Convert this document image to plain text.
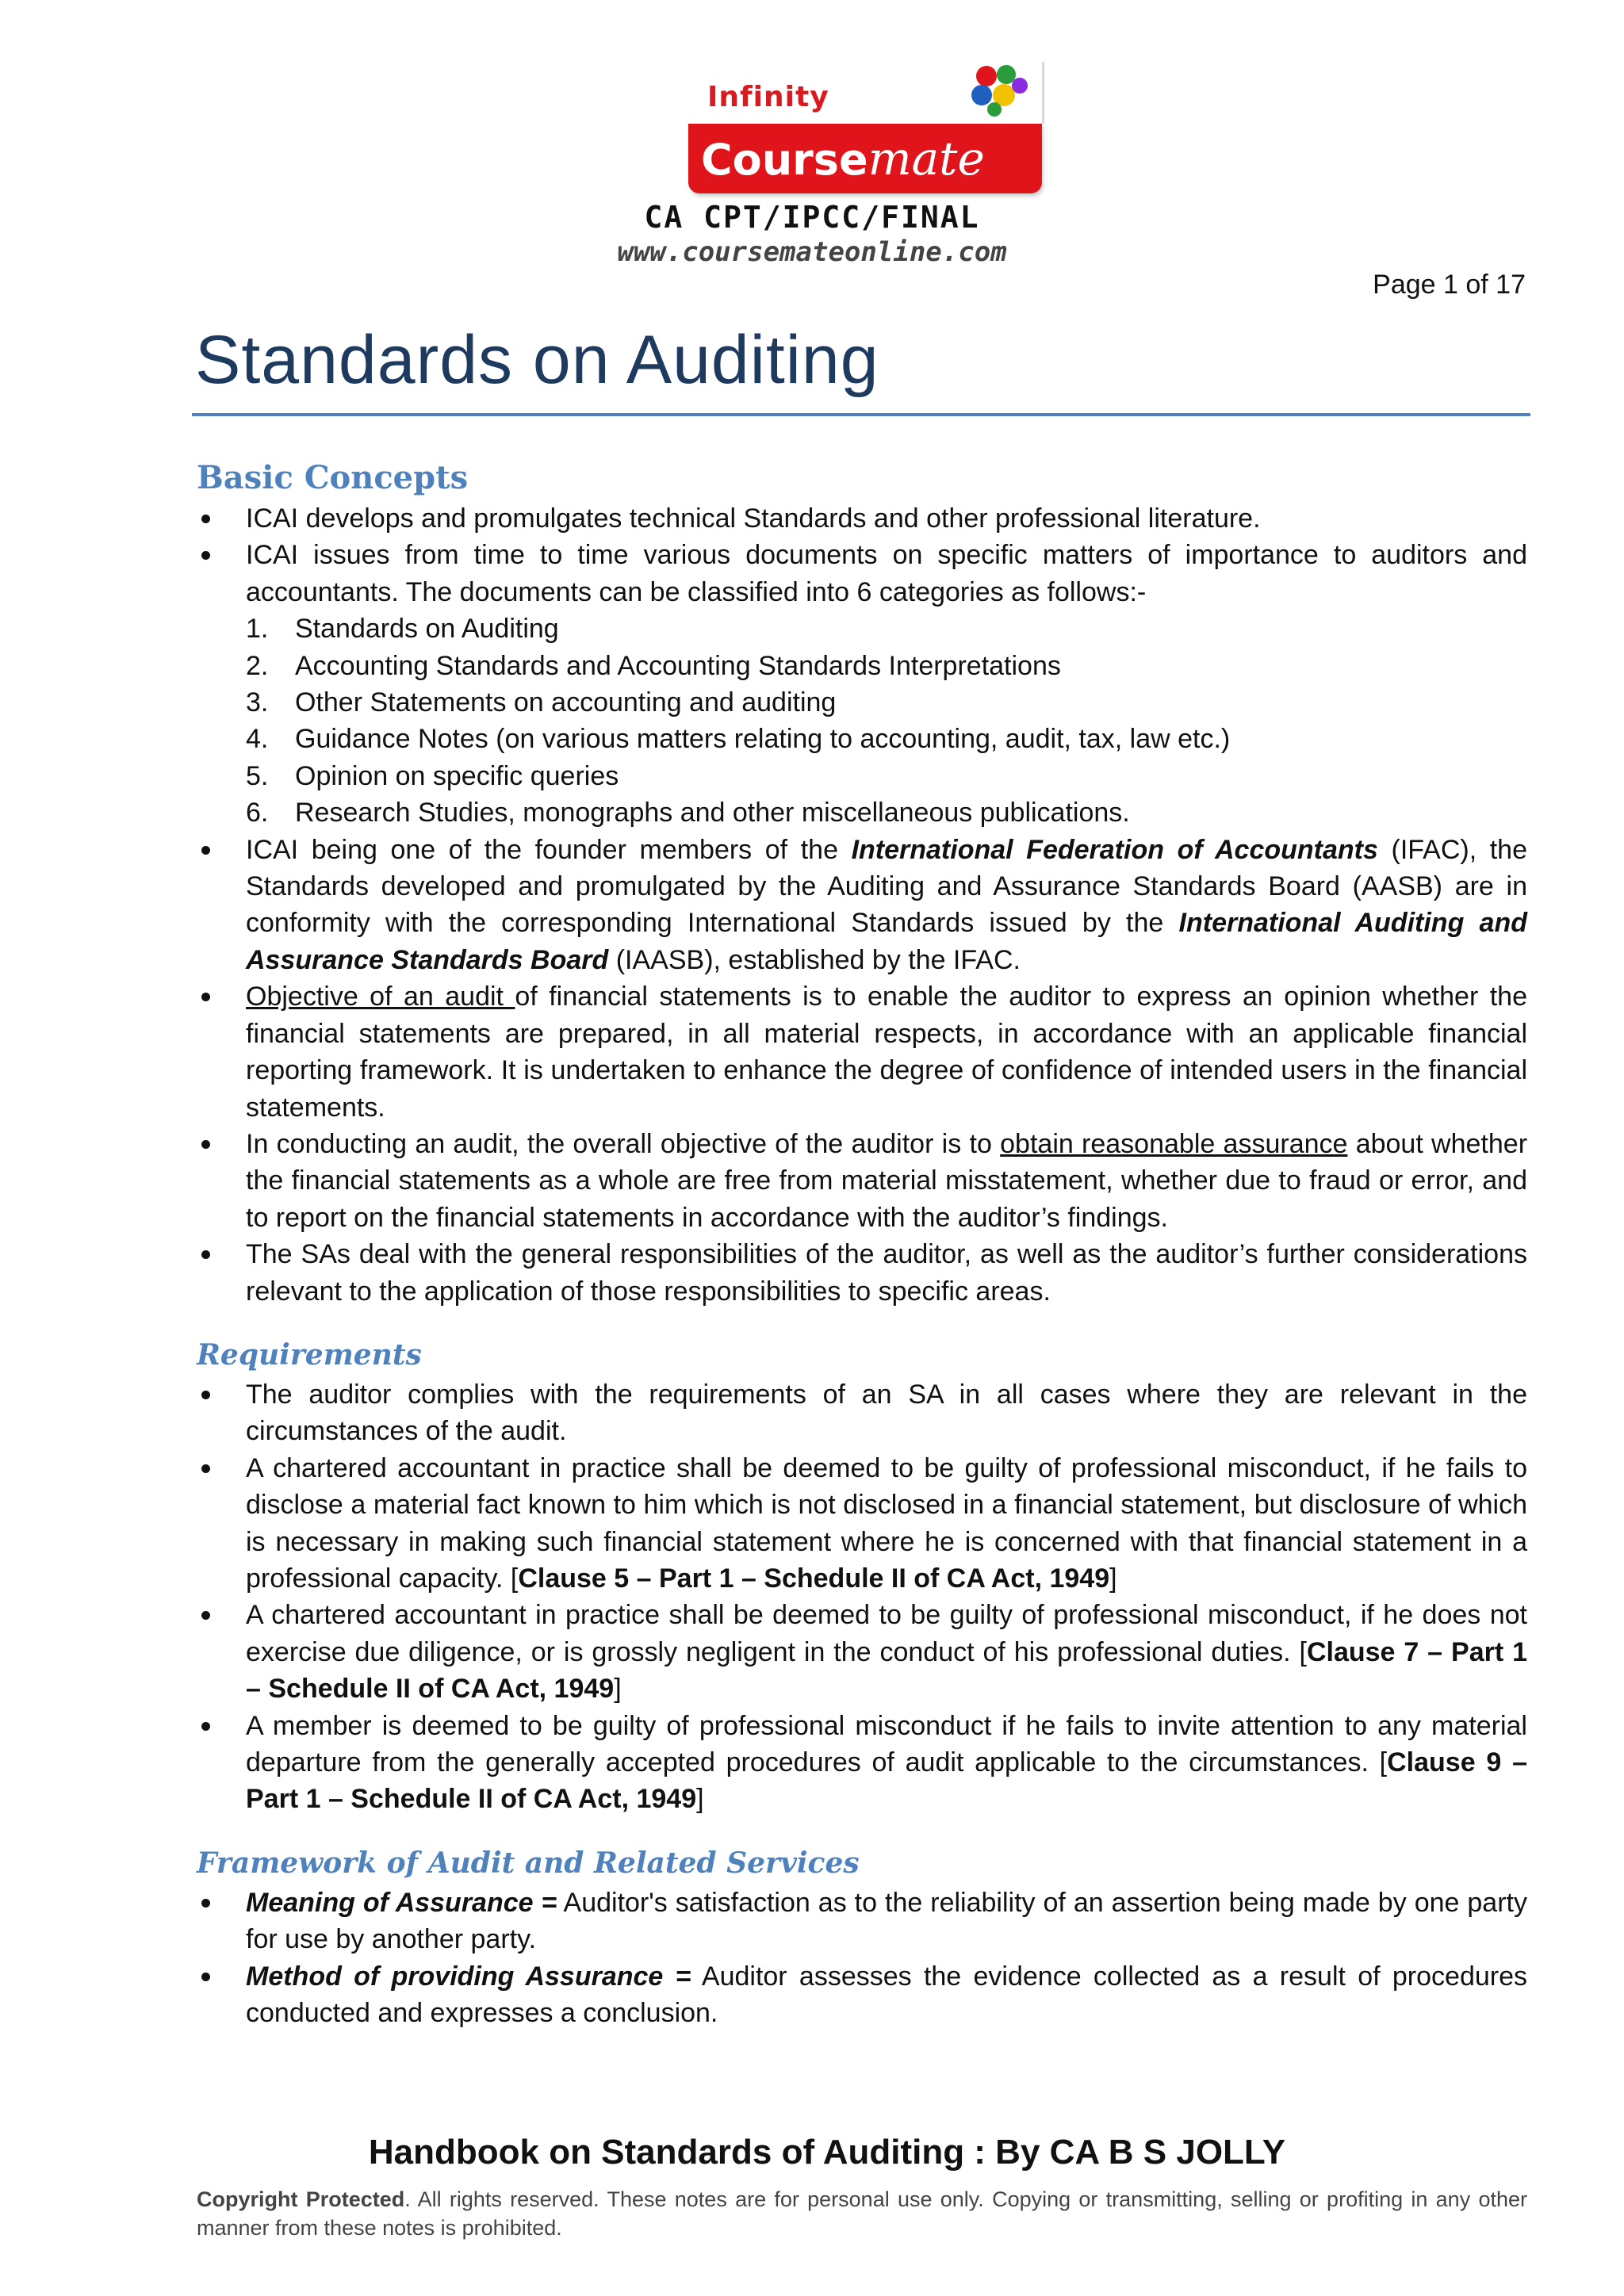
Infinity
Coursemate
CA CPT/IPCC/FINAL
www.coursemateonline.com
Page 1 of 17
Standards on Auditing
Basic Concepts
ICAI develops and promulgates technical Standards and other professional literature.
ICAI issues from time to time various documents on specific matters of importance to auditors and accountants. The documents can be classified into 6 categories as follows:-
1. Standards on Auditing
2. Accounting Standards and Accounting Standards Interpretations
3. Other Statements on accounting and auditing
4. Guidance Notes (on various matters relating to accounting, audit, tax, law etc.)
5. Opinion on specific queries
6. Research Studies, monographs and other miscellaneous publications.
ICAI being one of the founder members of the International Federation of Accountants (IFAC), the Standards developed and promulgated by the Auditing and Assurance Standards Board (AASB) are in conformity with the corresponding International Standards issued by the International Auditing and Assurance Standards Board (IAASB), established by the IFAC.
Objective of an audit of financial statements is to enable the auditor to express an opinion whether the financial statements are prepared, in all material respects, in accordance with an applicable financial reporting framework. It is undertaken to enhance the degree of confidence of intended users in the financial statements.
In conducting an audit, the overall objective of the auditor is to obtain reasonable assurance about whether the financial statements as a whole are free from material misstatement, whether due to fraud or error, and to report on the financial statements in accordance with the auditor’s findings.
The SAs deal with the general responsibilities of the auditor, as well as the auditor’s further considerations relevant to the application of those responsibilities to specific areas.
Requirements
The auditor complies with the requirements of an SA in all cases where they are relevant in the circumstances of the audit.
A chartered accountant in practice shall be deemed to be guilty of professional misconduct, if he fails to disclose a material fact known to him which is not disclosed in a financial statement, but disclosure of which is necessary in making such financial statement where he is concerned with that financial statement in a professional capacity. [Clause 5 – Part 1 – Schedule II of CA Act, 1949]
A chartered accountant in practice shall be deemed to be guilty of professional misconduct, if he does not exercise due diligence, or is grossly negligent in the conduct of his professional duties. [Clause 7 – Part 1 – Schedule II of CA Act, 1949]
A member is deemed to be guilty of professional misconduct if he fails to invite attention to any material departure from the generally accepted procedures of audit applicable to the circumstances. [Clause 9 – Part 1 – Schedule II of CA Act, 1949]
Framework of Audit and Related Services
Meaning of Assurance = Auditor's satisfaction as to the reliability of an assertion being made by one party for use by another party.
Method of providing Assurance = Auditor assesses the evidence collected as a result of procedures conducted and expresses a conclusion.
Handbook on Standards of Auditing : By CA B S JOLLY
Copyright Protected. All rights reserved. These notes are for personal use only. Copying or transmitting, selling or profiting in any other manner from these notes is prohibited.
